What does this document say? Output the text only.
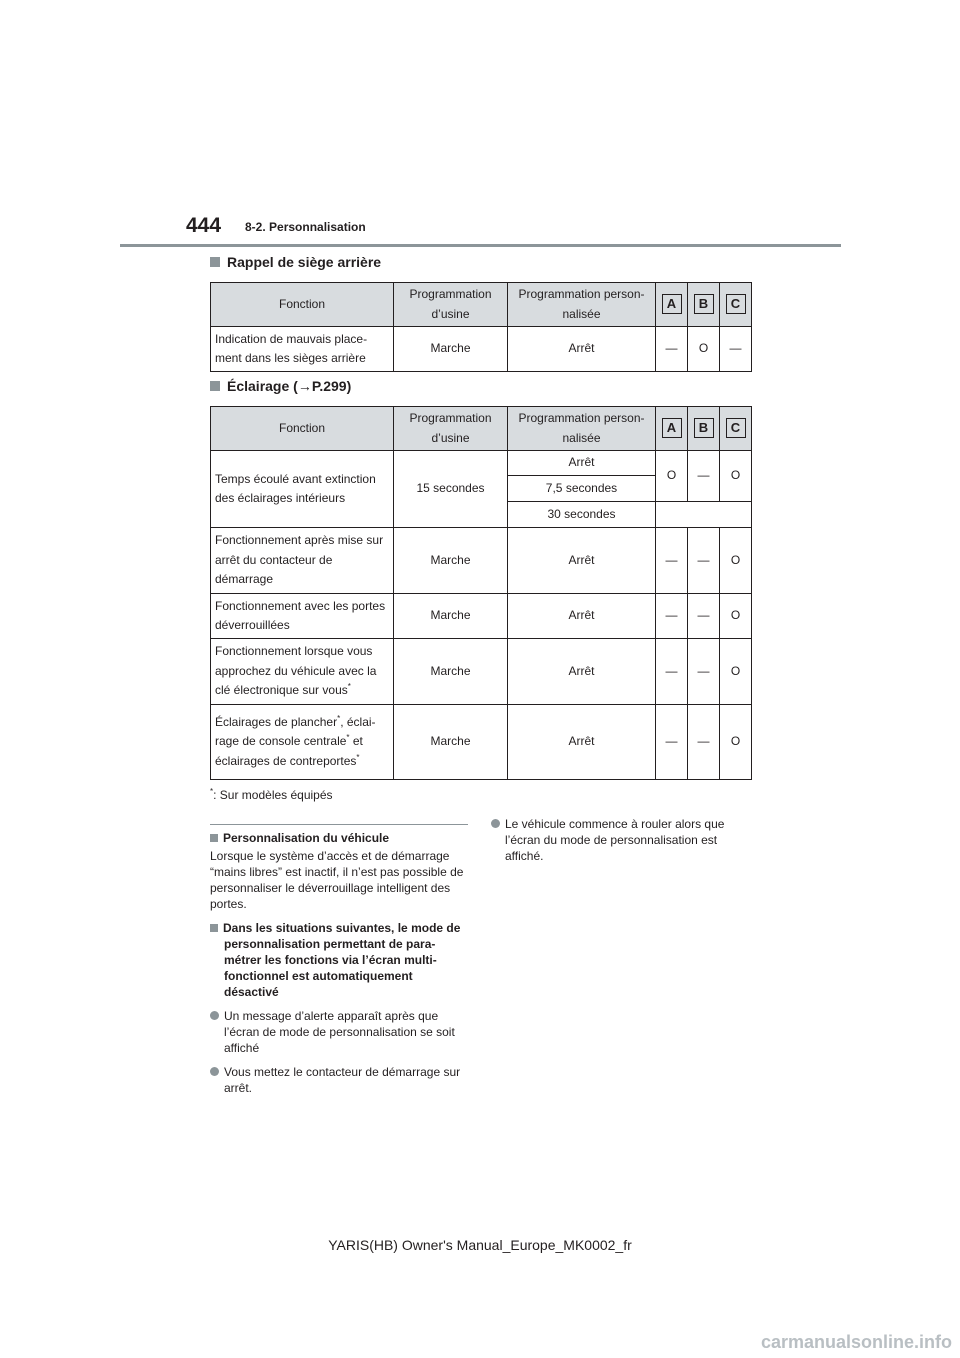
444 8-2. Personnalisation
Rappel de siège arrière
Fonction	Programmation d’usine	Programmation person-nalisée	A	B	C
Indication de mauvais place-ment dans les sièges arrière	Marche	Arrêt	—	O	—
Éclairage (→P.299)
Fonction	Programmation d’usine	Programmation person-nalisée	A	B	C
Temps écoulé avant extinction des éclairages intérieurs	15 secondes	Arrêt	O	—	O
		7,5 secondes			
		30 secondes			
Fonctionnement après mise sur arrêt du contacteur de démarrage	Marche	Arrêt	—	—	O
Fonctionnement avec les portes déverrouillées	Marche	Arrêt	—	—	O
Fonctionnement lorsque vous approchez du véhicule avec la clé électronique sur vous*	Marche	Arrêt	—	—	O
Éclairages de plancher*, éclai-rage de console centrale* et éclairages de contreportes*	Marche	Arrêt	—	—	O
*: Sur modèles équipés
Personnalisation du véhicule
Lorsque le système d’accès et de démarrage “mains libres” est inactif, il n’est pas possible de personnaliser le déverrouillage intelligent des portes.
Dans les situations suivantes, le mode de personnalisation permettant de para-métrer les fonctions via l’écran multi-fonctionnel est automatiquement désactivé
Un message d’alerte apparaît après que l’écran de mode de personnalisation se soit affiché
Vous mettez le contacteur de démarrage sur arrêt.
Le véhicule commence à rouler alors que l’écran du mode de personnalisation est affiché.
YARIS(HB) Owner's Manual_Europe_MK0002_fr
carmanualsonline.info
